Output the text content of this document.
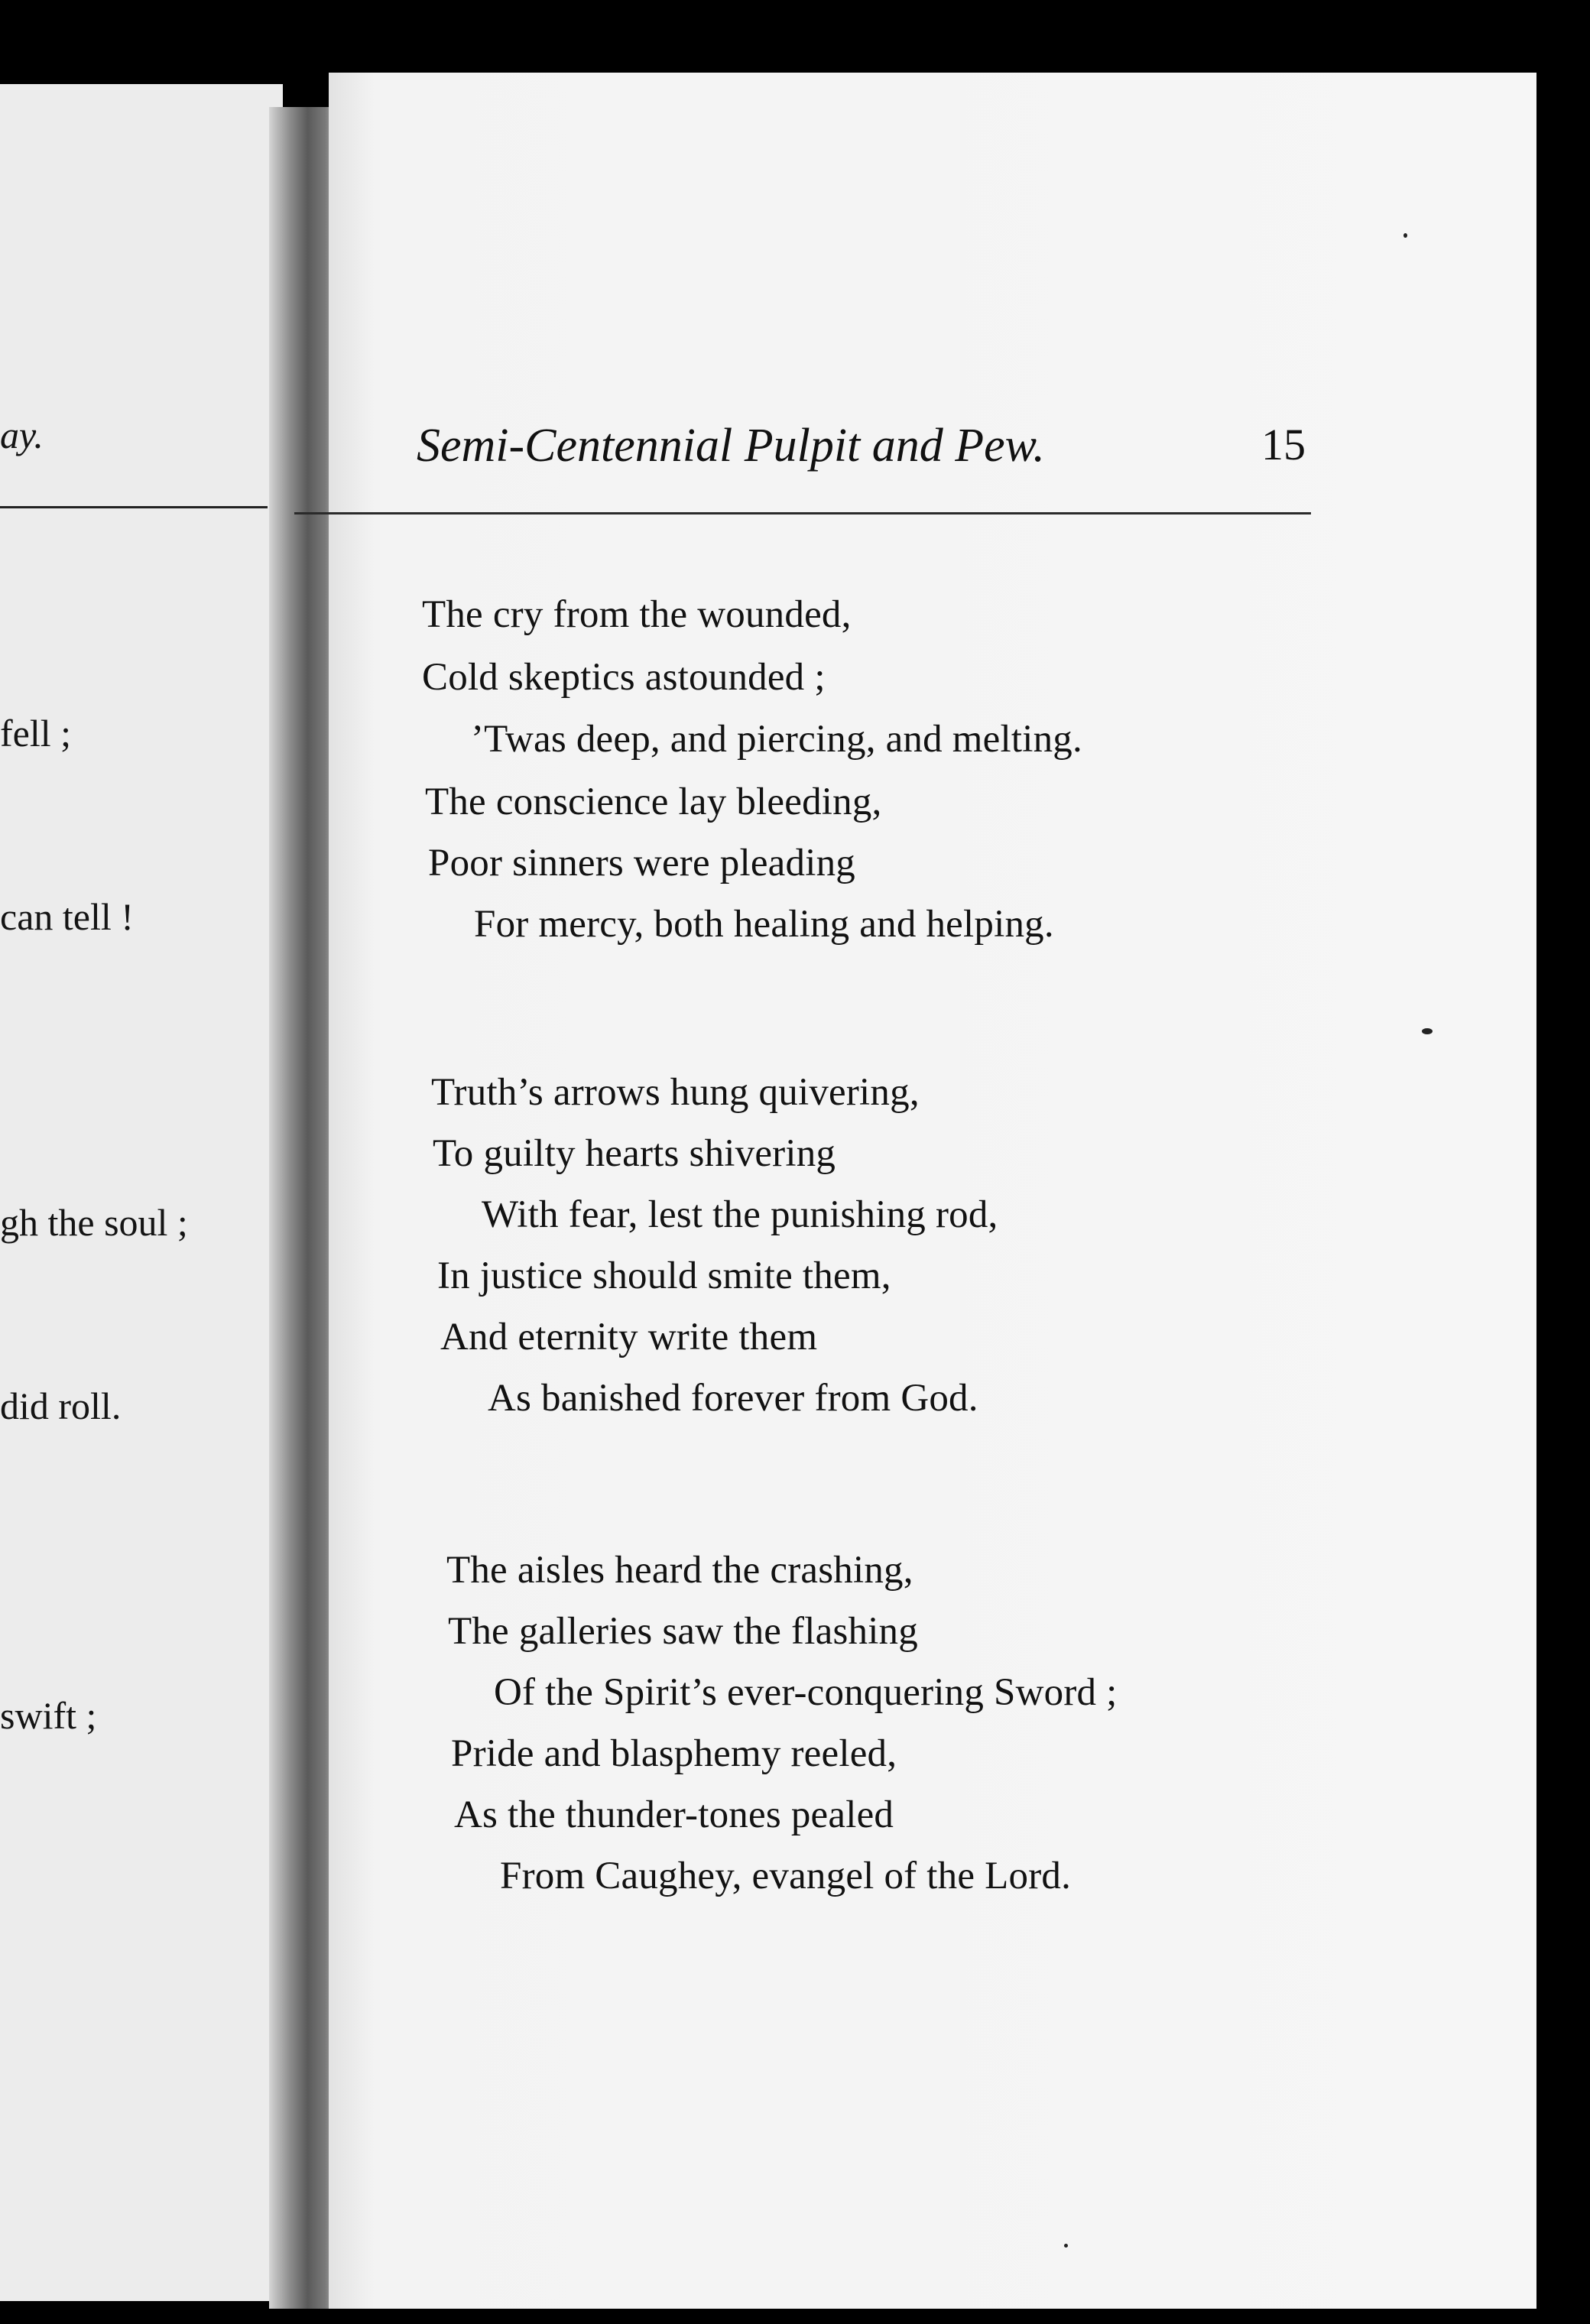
ay.
fell ;
can tell !
gh the soul ;
did roll.
swift ;
Semi-Centennial Pulpit and Pew.	15
The cry from the wounded,
Cold skeptics astounded ;
’Twas deep, and piercing, and melting.
The conscience lay bleeding,
Poor sinners were pleading
For mercy, both healing and helping.
Truth’s arrows hung quivering,
To guilty hearts shivering
With fear, lest the punishing rod,
In justice should smite them,
And eternity write them
As banished forever from God.
The aisles heard the crashing,
The galleries saw the flashing
Of the Spirit’s ever-conquering Sword ;
Pride and blasphemy reeled,
As the thunder-tones pealed
From Caughey, evangel of the Lord.
